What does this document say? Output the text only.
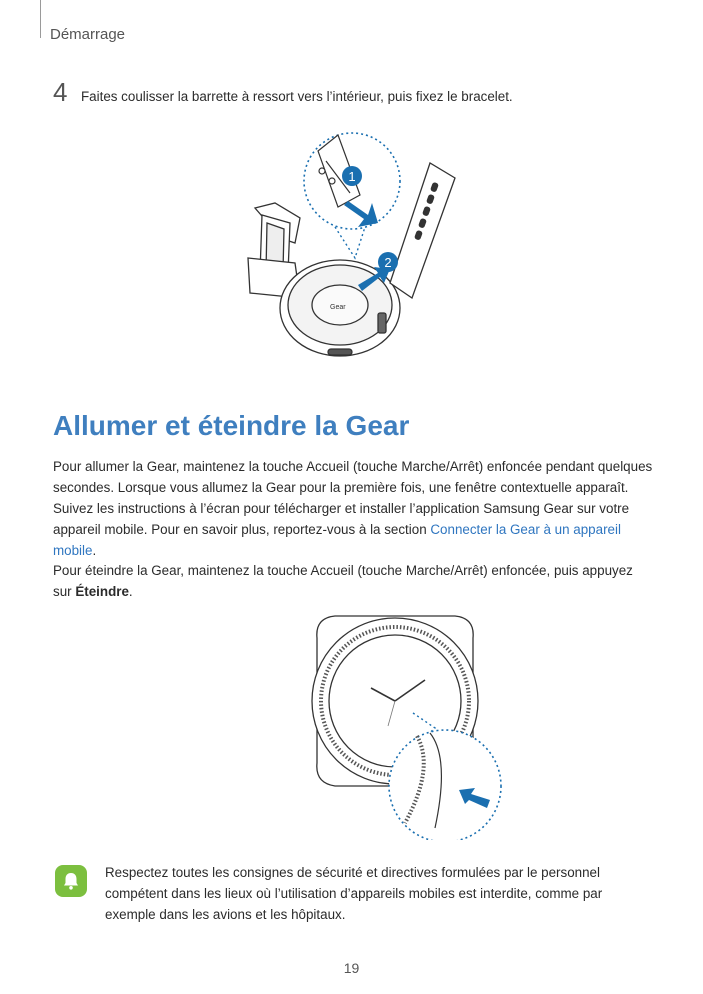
Démarrage
4	Faites coulisser la barrette à ressort vers l’intérieur, puis fixez le bracelet.
Gear
1
2
Allumer et éteindre la Gear

Pour allumer la Gear, maintenez la touche Accueil (touche Marche/Arrêt) enfoncée pendant quelques secondes. Lorsque vous allumez la Gear pour la première fois, une fenêtre contextuelle apparaît. Suivez les instructions à l’écran pour télécharger et installer l’application Samsung Gear sur votre appareil mobile. Pour en savoir plus, reportez-vous à la section Connecter la Gear à un appareil mobile.

Pour éteindre la Gear, maintenez la touche Accueil (touche Marche/Arrêt) enfoncée, puis appuyez sur Éteindre.

Respectez toutes les consignes de sécurité et directives formulées par le personnel compétent dans les lieux où l’utilisation d’appareils mobiles est interdite, comme par exemple dans les avions et les hôpitaux.

19
